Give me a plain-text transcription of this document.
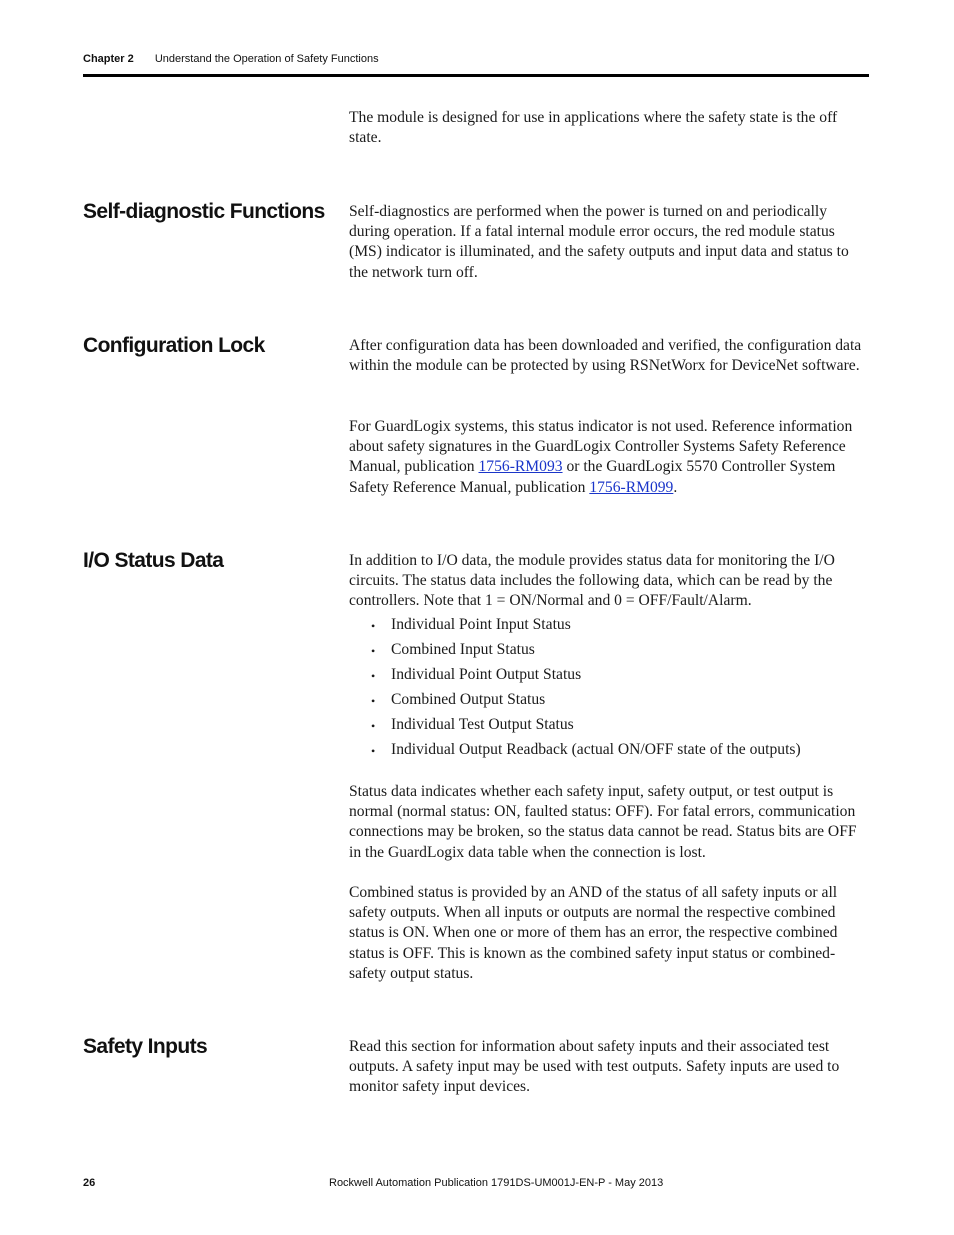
Chapter 2 Understand the Operation of Safety Functions

The module is designed for use in applications where the safety state is the off state.

Self-diagnostic Functions Self-diagnostics are performed when the power is turned on and periodically during operation. If a fatal internal module error occurs, the red module status (MS) indicator is illuminated, and the safety outputs and input data and status to the network turn off.

Configuration Lock	After configuration data has been downloaded and verified, the configuration data within the module can be protected by using RSNetWorx for DeviceNet software.

For GuardLogix systems, this status indicator is not used. Reference information about safety signatures in the GuardLogix Controller Systems Safety Reference Manual, publication 1756-RM093 or the GuardLogix 5570 Controller System Safety Reference Manual, publication 1756-RM099.

I/O Status Data	In addition to I/O data, the module provides status data for monitoring the I/O circuits. The status data includes the following data, which can be read by the controllers. Note that 1 = ON/Normal and 0 = OFF/Fault/Alarm.

• Individual Point Input Status
• Combined Input Status
• Individual Point Output Status
• Combined Output Status
• Individual Test Output Status
• Individual Output Readback (actual ON/OFF state of the outputs)

Status data indicates whether each safety input, safety output, or test output is normal (normal status: ON, faulted status: OFF). For fatal errors, communication connections may be broken, so the status data cannot be read. Status bits are OFF in the GuardLogix data table when the connection is lost.

Combined status is provided by an AND of the status of all safety inputs or all safety outputs. When all inputs or outputs are normal the respective combined status is ON. When one or more of them has an error, the respective combined status is OFF. This is known as the combined safety input status or combined-safety output status.

Safety Inputs	Read this section for information about safety inputs and their associated test outputs. A safety input may be used with test outputs. Safety inputs are used to monitor safety input devices.

26	Rockwell Automation Publication 1791DS-UM001J-EN-P - May 2013
